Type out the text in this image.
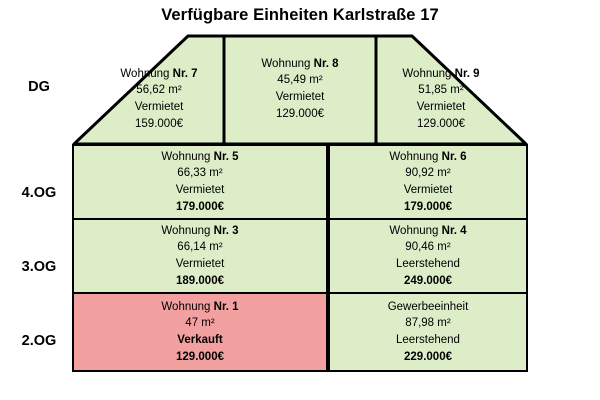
Verfügbare Einheiten Karlstraße 17
DG
4.OG
3.OG
2.OG
Wohnung Nr. 7
56,62 m²
Vermietet
159.000€
Wohnung Nr. 8
45,49 m²
Vermietet
129.000€
Wohnung Nr. 9
51,85 m²
Vermietet
129.000€
Wohnung Nr. 5
66,33 m²
Vermietet
179.000€
Wohnung Nr. 6
90,92 m²
Vermietet
179.000€
Wohnung Nr. 3
66,14 m²
Vermietet
189.000€
Wohnung Nr. 4
90,46 m²
Leerstehend
249.000€
Wohnung Nr. 1
47 m²
Verkauft
129.000€
Gewerbeeinheit
87,98 m²
Leerstehend
229.000€
